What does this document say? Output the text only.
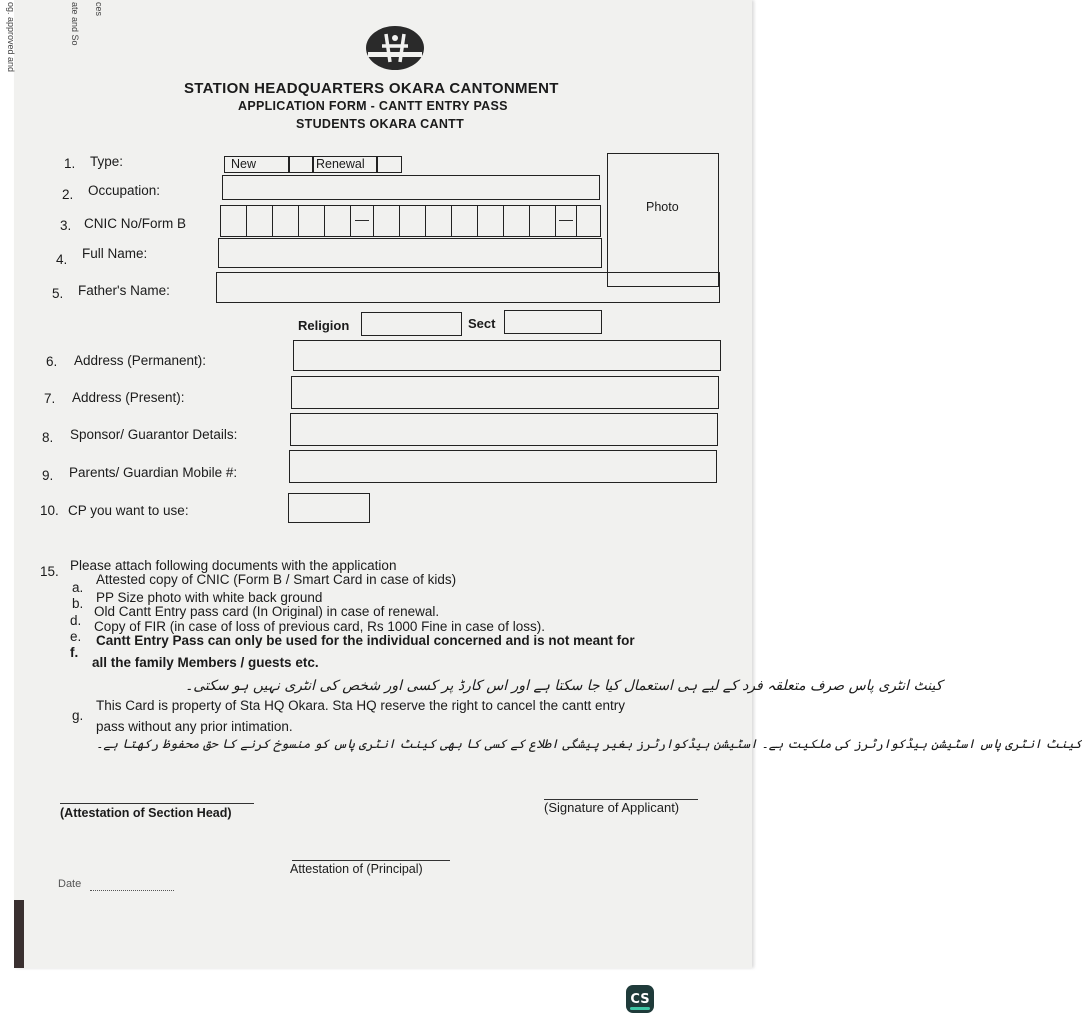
og. approved and	ate and So ces
STATION HEADQUARTERS OKARA CANTONMENT
APPLICATION FORM - CANTT ENTRY PASS
STUDENTS OKARA CANTT
Photo
1. Type:	New	Renewal
2. Occupation:
3. CNIC No/Form B	—	—
4. Full Name:
5. Father's Name:
Religion	Sect
6. Address (Permanent):
7. Address (Present):
8. Sponsor/ Guarantor Details:
9. Parents/ Guardian Mobile #:
10. CP you want to use:
15. Please attach following documents with the application
a.
Attested copy of CNIC (Form B / Smart Card in case of kids)
b. PP Size photo with white back ground
d.
Old Cantt Entry pass card (In Original) in case of renewal.
e.
Copy of FIR (in case of loss of previous card, Rs 1000 Fine in case of loss).
f.
Cantt Entry Pass can only be used for the individual concerned and is not meant for
all the family Members / guests etc.
کینٹ انٹری پاس صرف متعلقہ فرد کے لیے ہی استعمال کیا جا سکتا ہے اور اس کارڈ پر کسی اور شخص کی انٹری نہیں ہو سکتی۔
g.
This Card is property of Sta HQ Okara. Sta HQ reserve the right to cancel the cantt entry
pass without any prior intimation.
کینٹ انٹری پاس اسٹیشن ہیڈکوارٹرز کی ملکیت ہے۔ اسٹیشن ہیڈکوارٹرز بغیر پیشگی اطلاع کے کسی کا بھی کینٹ انٹری پاس کو منسوخ کرنے کا حق محفوظ رکھتا ہے۔
(Attestation of Section Head)	(Signature of Applicant)
Attestation of (Principal)
Date
CS
